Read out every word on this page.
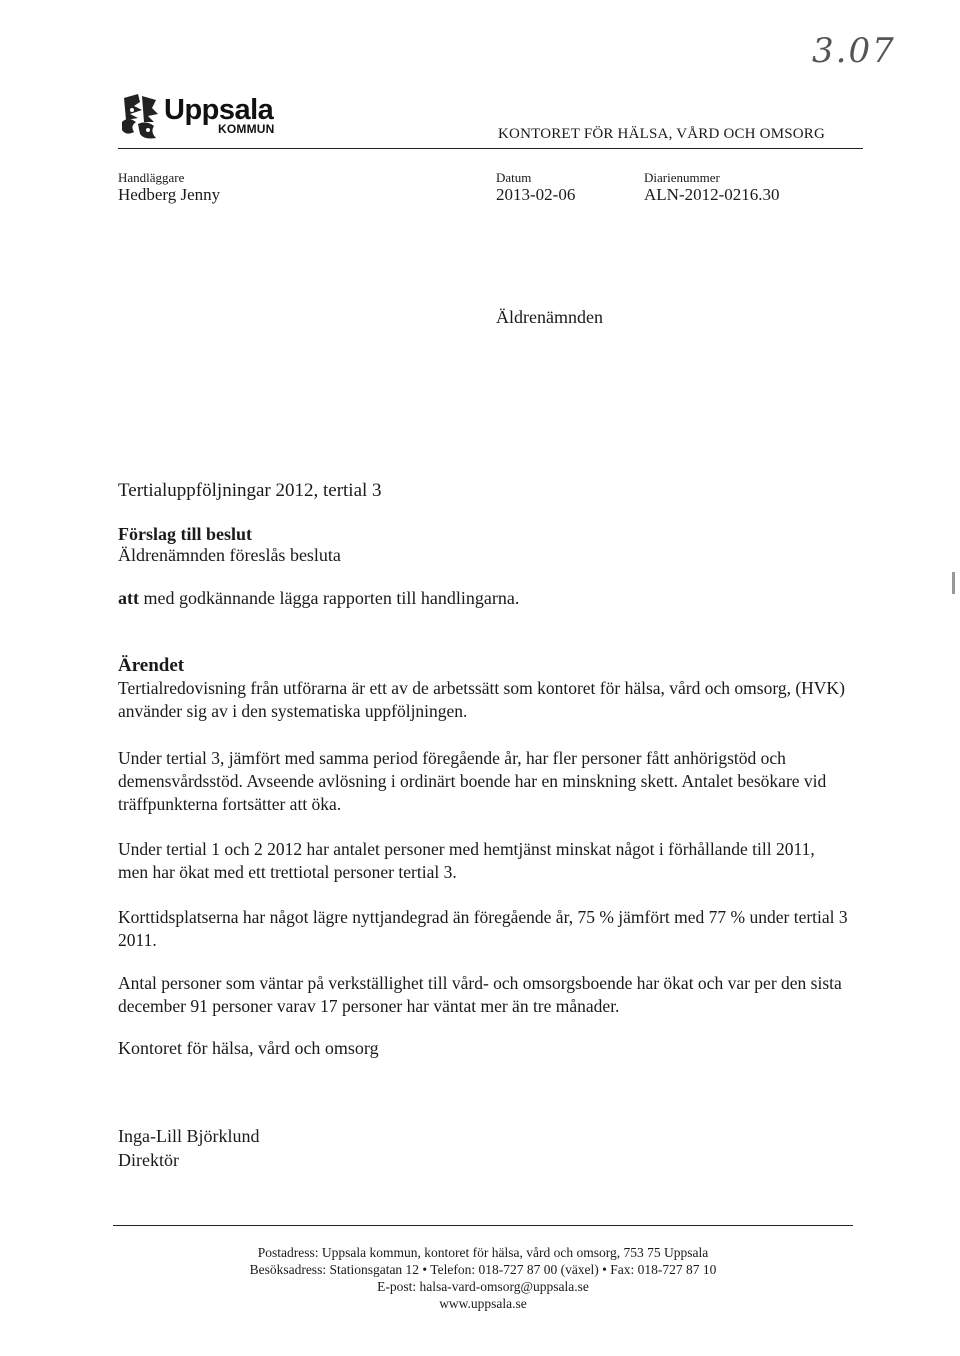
3.07
Uppsala
KOMMUN	KONTORET FÖR HÄLSA, VÅRD OCH OMSORG
Handläggare
Hedberg Jenny
Datum
2013-02-06
Diarienummer
ALN-2012-0216.30
Äldrenämnden
Tertialuppföljningar 2012, tertial 3
Förslag till beslut
Äldrenämnden föreslås besluta
att med godkännande lägga rapporten till handlingarna.
Ärendet
Tertialredovisning från utförarna är ett av de arbetssätt som kontoret för hälsa, vård och omsorg, (HVK) använder sig av i den systematiska uppföljningen.
Under tertial 3, jämfört med samma period föregående år, har fler personer fått anhörigstöd och demensvårdsstöd. Avseende avlösning i ordinärt boende har en minskning skett. Antalet besökare vid träffpunkterna fortsätter att öka.
Under tertial 1 och 2 2012 har antalet personer med hemtjänst minskat något i förhållande till 2011, men har ökat med ett trettiotal personer tertial 3.
Korttidsplatserna har något lägre nyttjandegrad än föregående år, 75 % jämfört med 77 % under tertial 3 2011.
Antal personer som väntar på verkställighet till vård- och omsorgsboende har ökat och var per den sista december 91 personer varav 17 personer har väntat mer än tre månader.
Kontoret för hälsa, vård och omsorg
Inga-Lill Björklund
Direktör
Postadress: Uppsala kommun, kontoret för hälsa, vård och omsorg, 753 75 Uppsala
Besöksadress: Stationsgatan 12 • Telefon: 018-727 87 00 (växel) • Fax: 018-727 87 10
E-post: halsa-vard-omsorg@uppsala.se
www.uppsala.se
